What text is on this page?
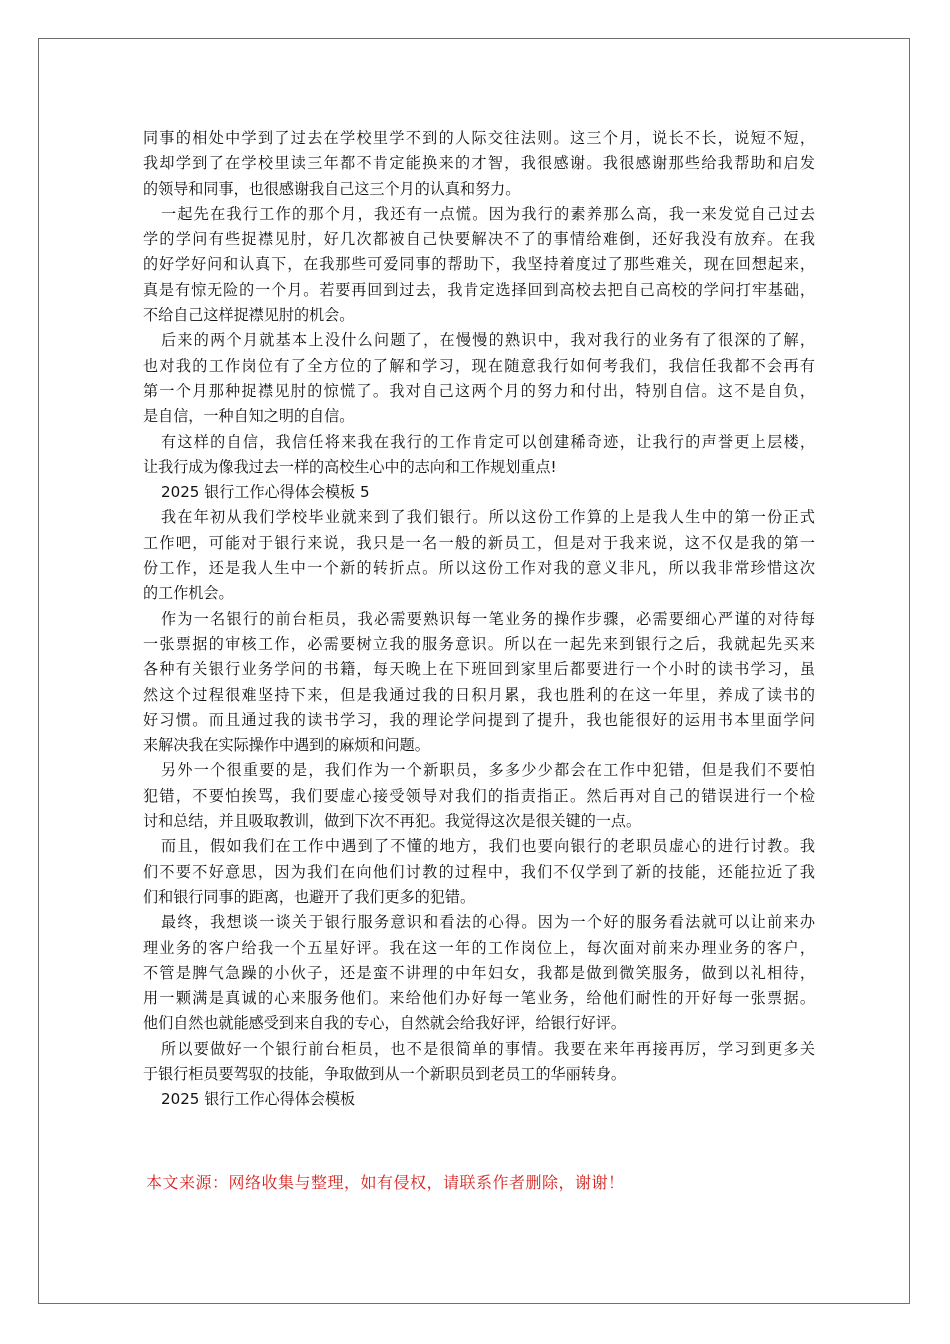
同事的相处中学到了过去在学校里学不到的人际交往法则。这三个月，说长不长，说短不短，
我却学到了在学校里读三年都不肯定能换来的才智，我很感谢。我很感谢那些给我帮助和启发
的领导和同事，也很感谢我自己这三个月的认真和努力。
一起先在我行工作的那个月，我还有一点慌。因为我行的素养那么高，我一来发觉自己过去
学的学问有些捉襟见肘，好几次都被自己快要解决不了的事情给难倒，还好我没有放弃。在我
的好学好问和认真下，在我那些可爱同事的帮助下，我坚持着度过了那些难关，现在回想起来，
真是有惊无险的一个月。若要再回到过去，我肯定选择回到高校去把自己高校的学问打牢基础，
不给自己这样捉襟见肘的机会。
后来的两个月就基本上没什么问题了，在慢慢的熟识中，我对我行的业务有了很深的了解，
也对我的工作岗位有了全方位的了解和学习，现在随意我行如何考我们，我信任我都不会再有
第一个月那种捉襟见肘的惊慌了。我对自己这两个月的努力和付出，特别自信。这不是自负，
是自信，一种自知之明的自信。
有这样的自信，我信任将来我在我行的工作肯定可以创建稀奇迹，让我行的声誉更上层楼，
让我行成为像我过去一样的高校生心中的志向和工作规划重点!
2025 银行工作心得体会模板 5
我在年初从我们学校毕业就来到了我们银行。所以这份工作算的上是我人生中的第一份正式
工作吧，可能对于银行来说，我只是一名一般的新员工，但是对于我来说，这不仅是我的第一
份工作，还是我人生中一个新的转折点。所以这份工作对我的意义非凡，所以我非常珍惜这次
的工作机会。
作为一名银行的前台柜员，我必需要熟识每一笔业务的操作步骤，必需要细心严谨的对待每
一张票据的审核工作，必需要树立我的服务意识。所以在一起先来到银行之后，我就起先买来
各种有关银行业务学问的书籍，每天晚上在下班回到家里后都要进行一个小时的读书学习，虽
然这个过程很难坚持下来，但是我通过我的日积月累，我也胜利的在这一年里，养成了读书的
好习惯。而且通过我的读书学习，我的理论学问提到了提升，我也能很好的运用书本里面学问
来解决我在实际操作中遇到的麻烦和问题。
另外一个很重要的是，我们作为一个新职员，多多少少都会在工作中犯错，但是我们不要怕
犯错，不要怕挨骂，我们要虚心接受领导对我们的指责指正。然后再对自己的错误进行一个检
讨和总结，并且吸取教训，做到下次不再犯。我觉得这次是很关键的一点。
而且，假如我们在工作中遇到了不懂的地方，我们也要向银行的老职员虚心的进行讨教。我
们不要不好意思，因为我们在向他们讨教的过程中，我们不仅学到了新的技能，还能拉近了我
们和银行同事的距离，也避开了我们更多的犯错。
最终，我想谈一谈关于银行服务意识和看法的心得。因为一个好的服务看法就可以让前来办
理业务的客户给我一个五星好评。我在这一年的工作岗位上，每次面对前来办理业务的客户，
不管是脾气急躁的小伙子，还是蛮不讲理的中年妇女，我都是做到微笑服务，做到以礼相待，
用一颗满是真诚的心来服务他们。来给他们办好每一笔业务，给他们耐性的开好每一张票据。
他们自然也就能感受到来自我的专心，自然就会给我好评，给银行好评。
所以要做好一个银行前台柜员，也不是很简单的事情。我要在来年再接再厉，学习到更多关
于银行柜员要驾驭的技能，争取做到从一个新职员到老员工的华丽转身。
2025 银行工作心得体会模板
本文来源：网络收集与整理，如有侵权，请联系作者删除，谢谢！
